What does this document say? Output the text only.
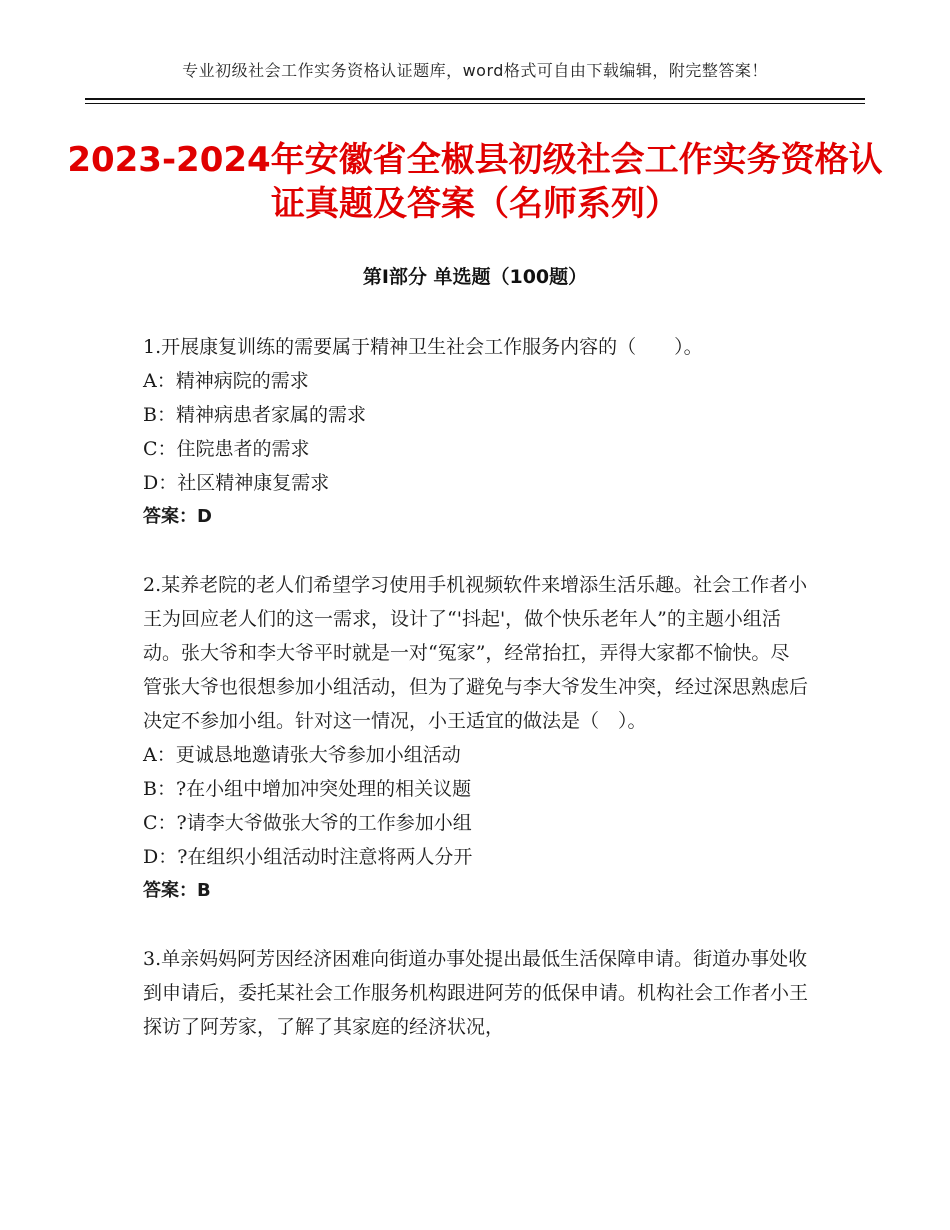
专业初级社会工作实务资格认证题库，word格式可自由下载编辑，附完整答案！
2023-2024年安徽省全椒县初级社会工作实务资格认证真题及答案（名师系列）
第Ⅰ部分 单选题（100题）

1.开展康复训练的需要属于精神卫生社会工作服务内容的（　　）。

A：精神病院的需求

B：精神病患者家属的需求

C：住院患者的需求

D：社区精神康复需求

答案：D

2.某养老院的老人们希望学习使用手机视频软件来增添生活乐趣。社会工作者小王为回应老人们的这一需求，设计了“'抖起'，做个快乐老年人”的主题小组活动。张大爷和李大爷平时就是一对“冤家”，经常抬扛，弄得大家都不愉快。尽管张大爷也很想参加小组活动，但为了避免与李大爷发生冲突，经过深思熟虑后决定不参加小组。针对这一情况，小王适宜的做法是（　）。

A：更诚恳地邀请张大爷参加小组活动

B：?在小组中增加冲突处理的相关议题

C：?请李大爷做张大爷的工作参加小组

D：?在组织小组活动时注意将两人分开

答案：B

3.单亲妈妈阿芳因经济困难向街道办事处提出最低生活保障申请。街道办事处收到申请后，委托某社会工作服务机构跟进阿芳的低保申请。机构社会工作者小王探访了阿芳家，了解了其家庭的经济状况，
